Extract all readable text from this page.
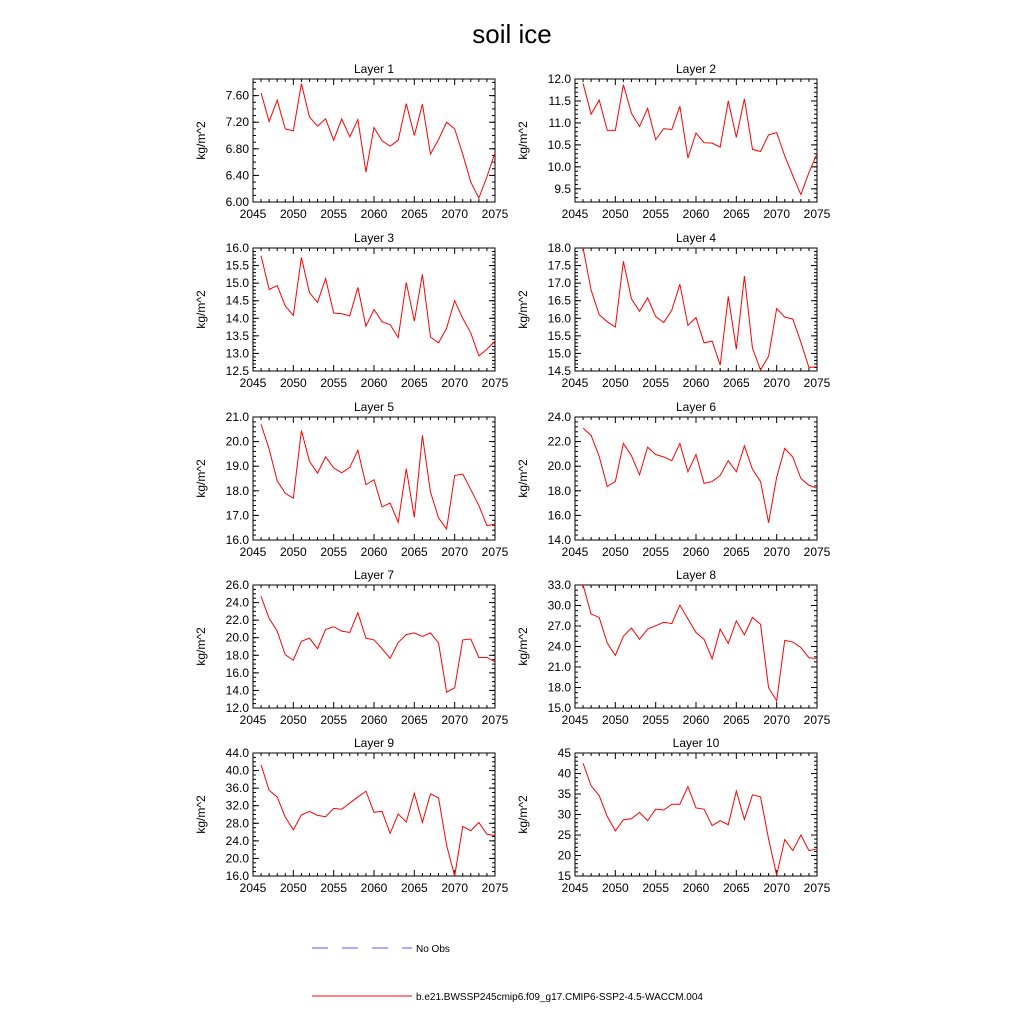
soil ice
Layer 1
kg/m^2
2045 2050 2055 2060 2065 2070 2075
6.00
6.40
6.80
7.20
7.60
Layer 2
kg/m^2
2045 2050 2055 2060 2065 2070 2075
9.5
10.0
10.5
11.0
11.5
12.0
Layer 3
kg/m^2
2045 2050 2055 2060 2065 2070 2075
12.5
13.0
13.5
14.0
14.5
15.0
15.5
16.0
Layer 4
kg/m^2
2045 2050 2055 2060 2065 2070 2075
14.5
15.0
15.5
16.0
16.5
17.0
17.5
18.0
Layer 5
kg/m^2
2045 2050 2055 2060 2065 2070 2075
16.0
17.0
18.0
19.0
20.0
21.0
Layer 6
kg/m^2
2045 2050 2055 2060 2065 2070 2075
14.0
16.0
18.0
20.0
22.0
24.0
Layer 7
kg/m^2
2045 2050 2055 2060 2065 2070 2075
12.0
14.0
16.0
18.0
20.0
22.0
24.0
26.0
Layer 8
kg/m^2
2045 2050 2055 2060 2065 2070 2075
15.0
18.0
21.0
24.0
27.0
30.0
33.0
Layer 9
kg/m^2
2045 2050 2055 2060 2065 2070 2075
16.0
20.0
24.0
28.0
32.0
36.0
40.0
44.0
Layer 10
kg/m^2
2045 2050 2055 2060 2065 2070 2075
15
20
25
30
35
40
45
No Obs
b.e21.BWSSP245cmip6.f09_g17.CMIP6-SSP2-4.5-WACCM.004
